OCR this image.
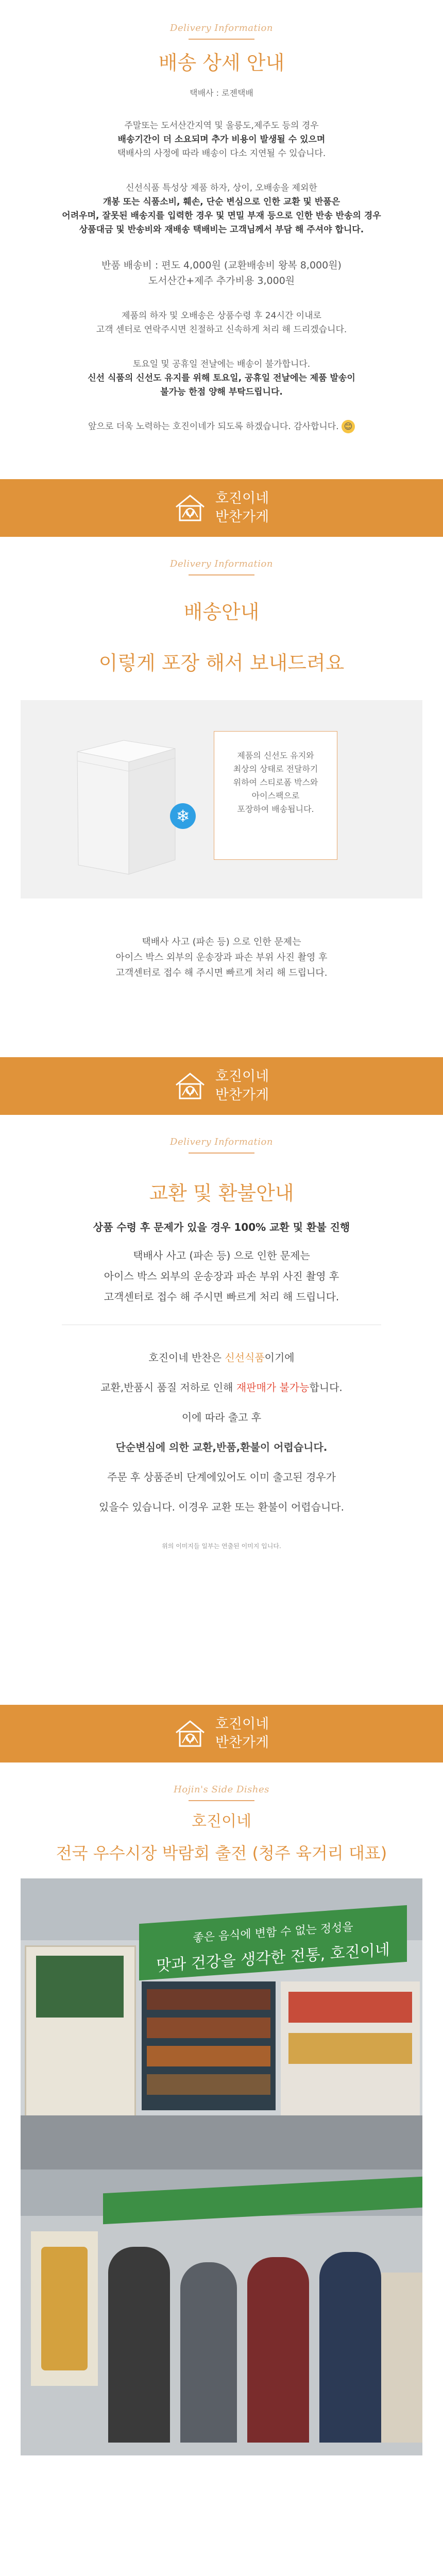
Delivery Information
배송 상세 안내
택배사 : 로젠택배

주말또는 도서산간지역 및 울릉도,제주도 등의 경우

배송기간이 더 소요되며 추가 비용이 발생될 수 있으며

택배사의 사정에 따라 배송이 다소 지연될 수 있습니다.

신선식품 특성상 제품 하자, 상이, 오배송을 제외한

개봉 또는 식품소비, 훼손, 단순 변심으로 인한 교환 및 반품은

어려우며, 잘못된 배송지를 입력한 경우 및 면밀 부재 등으로 인한 반송 반송의 경우

상품대금 및 반송비와 재배송 택배비는 고객님께서 부담 해 주셔야 합니다.

반품 배송비 : 편도 4,000원 (교환배송비 왕복 8,000원)

도서산간+제주 추가비용 3,000원

제품의 하자 및 오배송은 상품수령 후 24시간 이내로

고객 센터로 연락주시면 친절하고 신속하게 처리 해 드리겠습니다.

토요일 및 공휴일 전날에는 배송이 불가합니다.

신선 식품의 신선도 유지를 위해 토요일, 공휴일 전날에는 제품 발송이

불가능 한점 양해 부탁드립니다.

앞으로 더욱 노력하는 호진이네가 되도록 하겠습니다. 감사합니다. 😊

호진이네
반찬가게
Delivery Information
배송안내
이렇게 포장 해서 보내드려요
❄
제품의 신선도 유지와
최상의 상태로 전달하기
위하여 스티로폼 박스와
아이스팩으로
포장하여 배송됩니다.

택배사 사고 (파손 등) 으로 인한 문제는

아이스 박스 외부의 운송장과 파손 부위 사진 촬영 후

고객센터로 접수 해 주시면 빠르게 처리 해 드립니다.

호진이네
반찬가게
Delivery Information
교환 및 환불안내
상품 수령 후 문제가 있을 경우 100% 교환 및 환불 진행

택배사 사고 (파손 등) 으로 인한 문제는

아이스 박스 외부의 운송장과 파손 부위 사진 촬영 후

고객센터로 접수 해 주시면 빠르게 처리 해 드립니다.

호진이네 반찬은 신선식품이기에

교환,반품시 품질 저하로 인해 재판매가 불가능합니다.

이에 따라 출고 후

단순변심에 의한 교환,반품,환불이 어렵습니다.

주문 후 상품준비 단계에있어도 이미 출고된 경우가

있을수 있습니다. 이경우 교환 또는 환불이 어렵습니다.

위의 이미지들 일부는 연출된 이미지 입니다.
호진이네
반찬가게
Hojin's Side Dishes
호진이네
전국 우수시장 박람회 출전 (청주 육거리 대표)
좋은 음식에 변함 수 없는 정성을
맛과 건강을 생각한 전통, 호진이네
